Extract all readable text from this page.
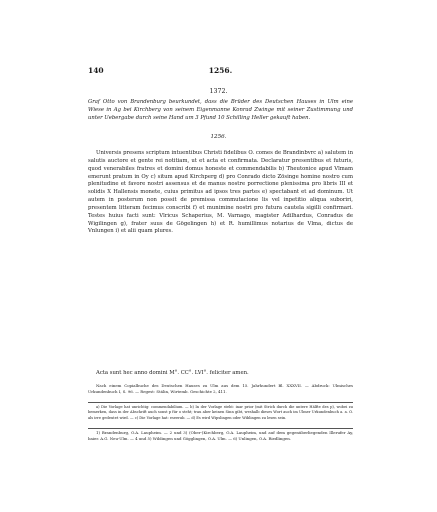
140	1256.
1372.
Graf Otto von Brandenburg beurkundet, dass die Brüder des Deutschen Hauses in Ulm eine Wiese in Ag bei Kirchberg von seinem Eigenmanne Konrad Zwinge mit seiner Zustimmung und unter Uebergabe durch seine Hand um 3 Pfund 10 Schilling Heller gekauft haben.
1256.

Universis presens scriptum intuentibus Christi fidelibus O. comes de Brandinbvrc a) salutem in salutis auctore et gente rei notitiam, ut et acta et confirmata. Declaratur presentibus et futuris, quod venerabiles fratres et domini domus honeste et commendabilis b) Theutonice apud Vlmam emerunt pratum in Oy c) situm apud Kirchperg d) pro Conrado dicto Zösinge homine nostro cum plenitudine et favore nostri assensus et de manus nostre porrectione plenissima pro libris III et solidis X Hallensis monete, cuius primitus ad ipsos tres partes e) spectabant et ad dominum. Ut autem in posterum non possit de premissa commutacione lis vel inpetitio aliqua suboriri, presentem litteram fecimus conscribi f) et munimine nostri pro futura cautela sigilli confirmari. Testes huius facti sunt: Vlricus Schaperius, M. Varnago, magister Adilhardus, Conradus de Wigilingen g), frater suus de Gögelingen h) et R. humillimus notarius de Vlma, dictus de Vnlungen i) et alii quam plures.

Acta sunt hec anno domini M°. CC°. LVI°. feliciter amen.

Nach einem Copialbuche des Deutschen Hauses zu Ulm aus dem 15. Jahrhundert Bl. XXXVII. — Abdruck: Ulmisches Urkundenbuch I, S. 96. — Regest: Stälin, Wirtemb. Geschichte 2, 411.

a) Die Vorlage hat unrichtig: commendabilium. — b) In der Vorlage steht: inar prior (mit Strich durch die untere Hälfte des p), wobei zu bemerken, dass in der Abschrift auch sonst p für o steht; trau aber keinen Sinn gibt, weshalb dieses Wort auch im Ulmer Urkundenbuch a. a. O. als irre gedeutet wird. — c) Die Vorlage hat: eseerub. — d) Es wird Wipslingen oder Wiblingen zu lesen sein.

1) Brandenburg, O.A. Laupheim. — 2 und 3) (Ober-)Kirchberg, O.A. Laupheim, und auf dem gegenüberliegenden Illerufer Ay, baier. A.G. Neu-Ulm. — 4 und 5) Wiblingen und Gögglingen, O.A. Ulm. — 6) Unlingen, O.A. Riedlingen.
